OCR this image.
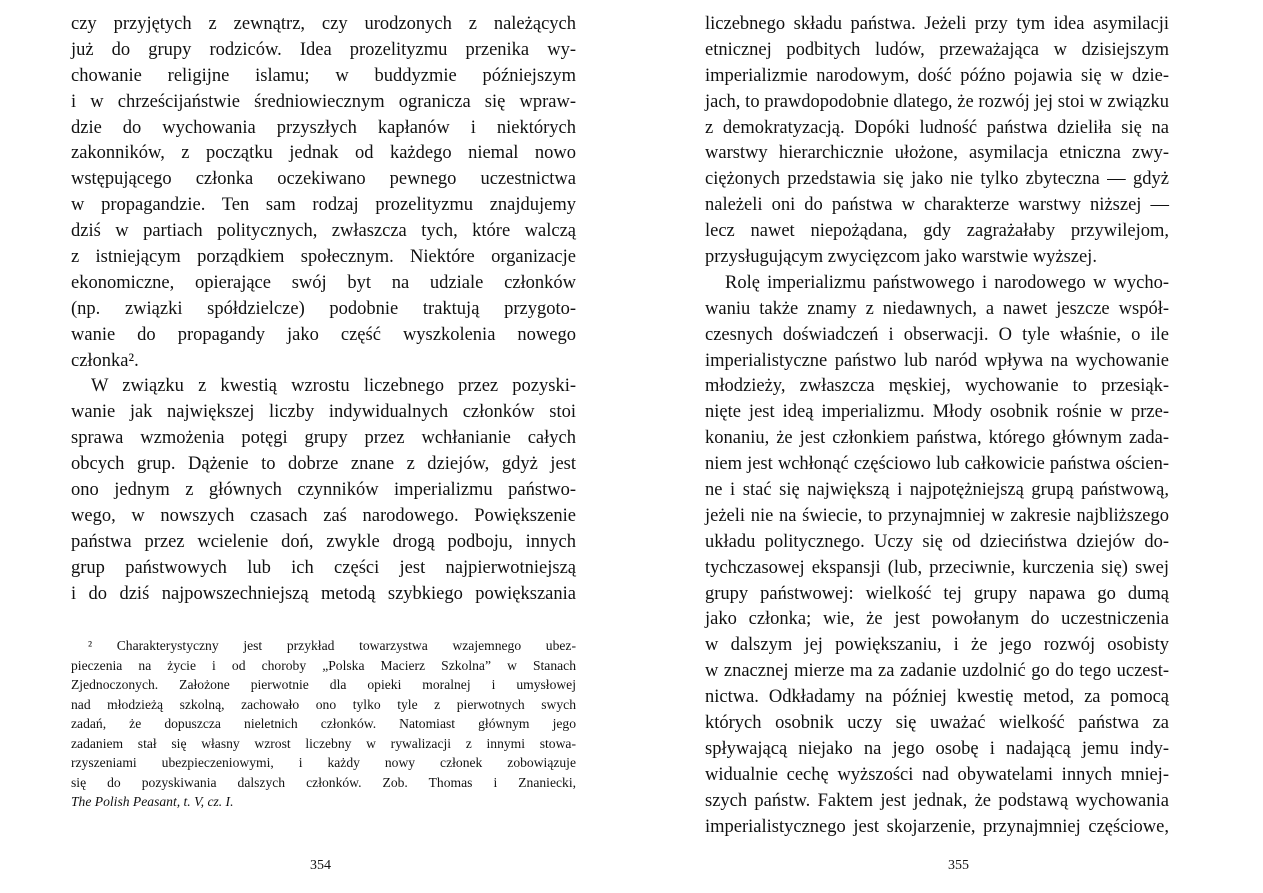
czy przyjętych z zewnątrz, czy urodzonych z należących
już do grupy rodziców. Idea prozelityzmu przenika wy-
chowanie religijne islamu; w buddyzmie późniejszym
i w chrześcijaństwie średniowiecznym ogranicza się wpraw-
dzie do wychowania przyszłych kapłanów i niektórych
zakonników, z początku jednak od każdego niemal nowo
wstępującego członka oczekiwano pewnego uczestnictwa
w propagandzie. Ten sam rodzaj prozelityzmu znajdujemy
dziś w partiach politycznych, zwłaszcza tych, które walczą
z istniejącym porządkiem społecznym. Niektóre organizacje
ekonomiczne, opierające swój byt na udziale członków
(np. związki spółdzielcze) podobnie traktują przygoto-
wanie do propagandy jako część wyszkolenia nowego
członka².
W związku z kwestią wzrostu liczebnego przez pozyski-
wanie jak największej liczby indywidualnych członków stoi
sprawa wzmożenia potęgi grupy przez wchłanianie całych
obcych grup. Dążenie to dobrze znane z dziejów, gdyż jest
ono jednym z głównych czynników imperializmu państwo-
wego, w nowszych czasach zaś narodowego. Powiększenie
państwa przez wcielenie doń, zwykle drogą podboju, innych
grup państwowych lub ich części jest najpierwotniejszą
i do dziś najpowszechniejszą metodą szybkiego powiększania
² Charakterystyczny jest przykład towarzystwa wzajemnego ubez-
pieczenia na życie i od choroby „Polska Macierz Szkolna” w Stanach
Zjednoczonych. Założone pierwotnie dla opieki moralnej i umysłowej
nad młodzieżą szkolną, zachowało ono tylko tyle z pierwotnych swych
zadań, że dopuszcza nieletnich członków. Natomiast głównym jego
zadaniem stał się własny wzrost liczebny w rywalizacji z innymi stowa-
rzyszeniami ubezpieczeniowymi, i każdy nowy członek zobowiązuje
się do pozyskiwania dalszych członków. Zob. Thomas i Znaniecki,
The Polish Peasant, t. V, cz. I.
354
liczebnego składu państwa. Jeżeli przy tym idea asymilacji
etnicznej podbitych ludów, przeważająca w dzisiejszym
imperializmie narodowym, dość późno pojawia się w dzie-
jach, to prawdopodobnie dlatego, że rozwój jej stoi w związku
z demokratyzacją. Dopóki ludność państwa dzieliła się na
warstwy hierarchicznie ułożone, asymilacja etniczna zwy-
ciężonych przedstawia się jako nie tylko zbyteczna — gdyż
należeli oni do państwa w charakterze warstwy niższej —
lecz nawet niepożądana, gdy zagrażałaby przywilejom,
przysługującym zwycięzcom jako warstwie wyższej.
Rolę imperializmu państwowego i narodowego w wycho-
waniu także znamy z niedawnych, a nawet jeszcze współ-
czesnych doświadczeń i obserwacji. O tyle właśnie, o ile
imperialistyczne państwo lub naród wpływa na wychowanie
młodzieży, zwłaszcza męskiej, wychowanie to przesiąk-
nięte jest ideą imperializmu. Młody osobnik rośnie w prze-
konaniu, że jest członkiem państwa, którego głównym zada-
niem jest wchłonąć częściowo lub całkowicie państwa ościen-
ne i stać się największą i najpotężniejszą grupą państwową,
jeżeli nie na świecie, to przynajmniej w zakresie najbliższego
układu politycznego. Uczy się od dzieciństwa dziejów do-
tychczasowej ekspansji (lub, przeciwnie, kurczenia się) swej
grupy państwowej: wielkość tej grupy napawa go dumą
jako członka; wie, że jest powołanym do uczestniczenia
w dalszym jej powiększaniu, i że jego rozwój osobisty
w znacznej mierze ma za zadanie uzdolnić go do tego uczest-
nictwa. Odkładamy na później kwestię metod, za pomocą
których osobnik uczy się uważać wielkość państwa za
spływającą niejako na jego osobę i nadającą jemu indy-
widualnie cechę wyższości nad obywatelami innych mniej-
szych państw. Faktem jest jednak, że podstawą wychowania
imperialistycznego jest skojarzenie, przynajmniej częściowe,
355
